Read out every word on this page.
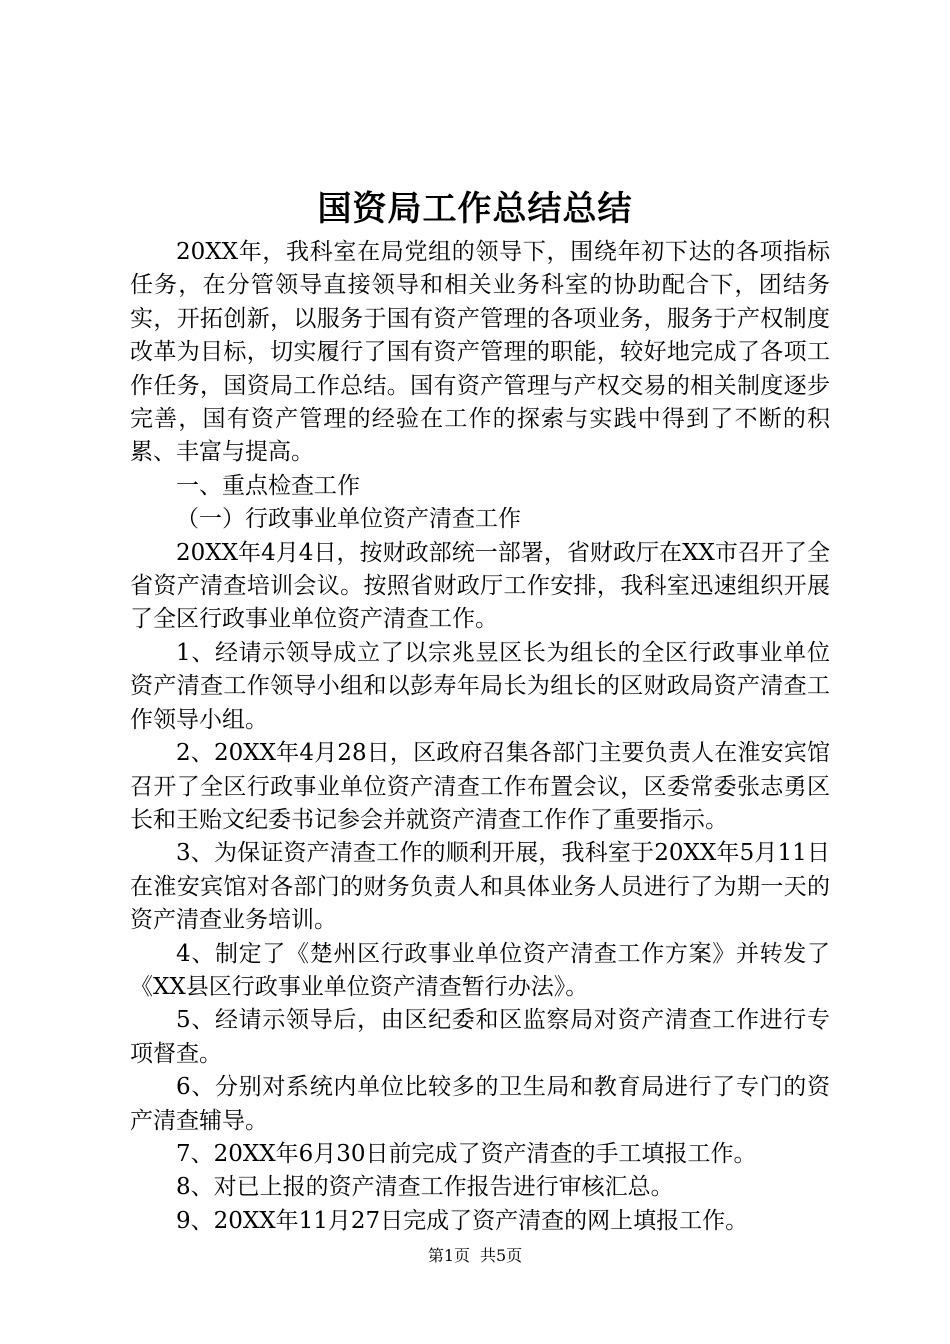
国资局工作总结总结

20XX年，我科室在局党组的领导下，围绕年初下达的各项指标任务，在分管领导直接领导和相关业务科室的协助配合下，团结务实，开拓创新，以服务于国有资产管理的各项业务，服务于产权制度改革为目标，切实履行了国有资产管理的职能，较好地完成了各项工作任务，国资局工作总结。国有资产管理与产权交易的相关制度逐步完善，国有资产管理的经验在工作的探索与实践中得到了不断的积累、丰富与提高。

一、重点检查工作

（一）行政事业单位资产清查工作

20XX年4月4日，按财政部统一部署，省财政厅在XX市召开了全省资产清查培训会议。按照省财政厅工作安排，我科室迅速组织开展了全区行政事业单位资产清查工作。

1、经请示领导成立了以宗兆昱区长为组长的全区行政事业单位资产清查工作领导小组和以彭寿年局长为组长的区财政局资产清查工作领导小组。

2、20XX年4月28日，区政府召集各部门主要负责人在淮安宾馆召开了全区行政事业单位资产清查工作布置会议，区委常委张志勇区长和王贻文纪委书记参会并就资产清查工作作了重要指示。

3、为保证资产清查工作的顺利开展，我科室于20XX年5月11日在淮安宾馆对各部门的财务负责人和具体业务人员进行了为期一天的资产清查业务培训。

4、制定了《楚州区行政事业单位资产清查工作方案》并转发了《XX县区行政事业单位资产清查暂行办法》。

5、经请示领导后，由区纪委和区监察局对资产清查工作进行专项督查。

6、分别对系统内单位比较多的卫生局和教育局进行了专门的资产清查辅导。

7、20XX年6月30日前完成了资产清查的手工填报工作。

8、对已上报的资产清查工作报告进行审核汇总。

9、20XX年11月27日完成了资产清查的网上填报工作。

第1页 共5页
